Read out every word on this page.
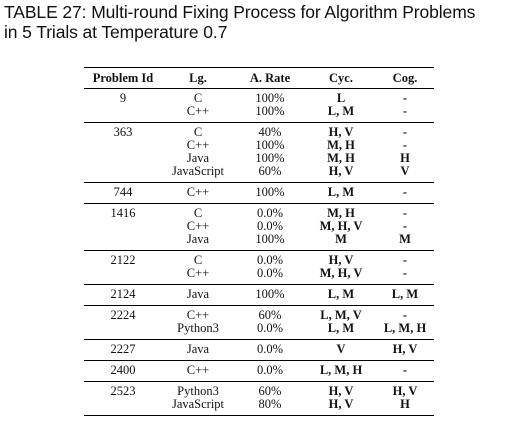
TABLE 27: Multi-round Fixing Process for Algorithm Problems
in 5 Trials at Temperature 0.7
Problem Id	Lg.	A. Rate	Cyc.	Cog.
9	C	100%	L	-
	C++	100%	L, M	-
363	C	40%	H, V	-
	C++	100%	M, H	-
	Java	100%	M, H	H
	JavaScript	60%	H, V	V
744	C++	100%	L, M	-
1416	C	0.0%	M, H	-
	C++	0.0%	M, H, V	-
	Java	100%	M	M
2122	C	0.0%	H, V	-
	C++	0.0%	M, H, V	-
2124	Java	100%	L, M	L, M
2224	C++	60%	L, M, V	-
	Python3	0.0%	L, M	L, M, H
2227	Java	0.0%	V	H, V
2400	C++	0.0%	L, M, H	-
2523	Python3	60%	H, V	H, V
	JavaScript	80%	H, V	H
